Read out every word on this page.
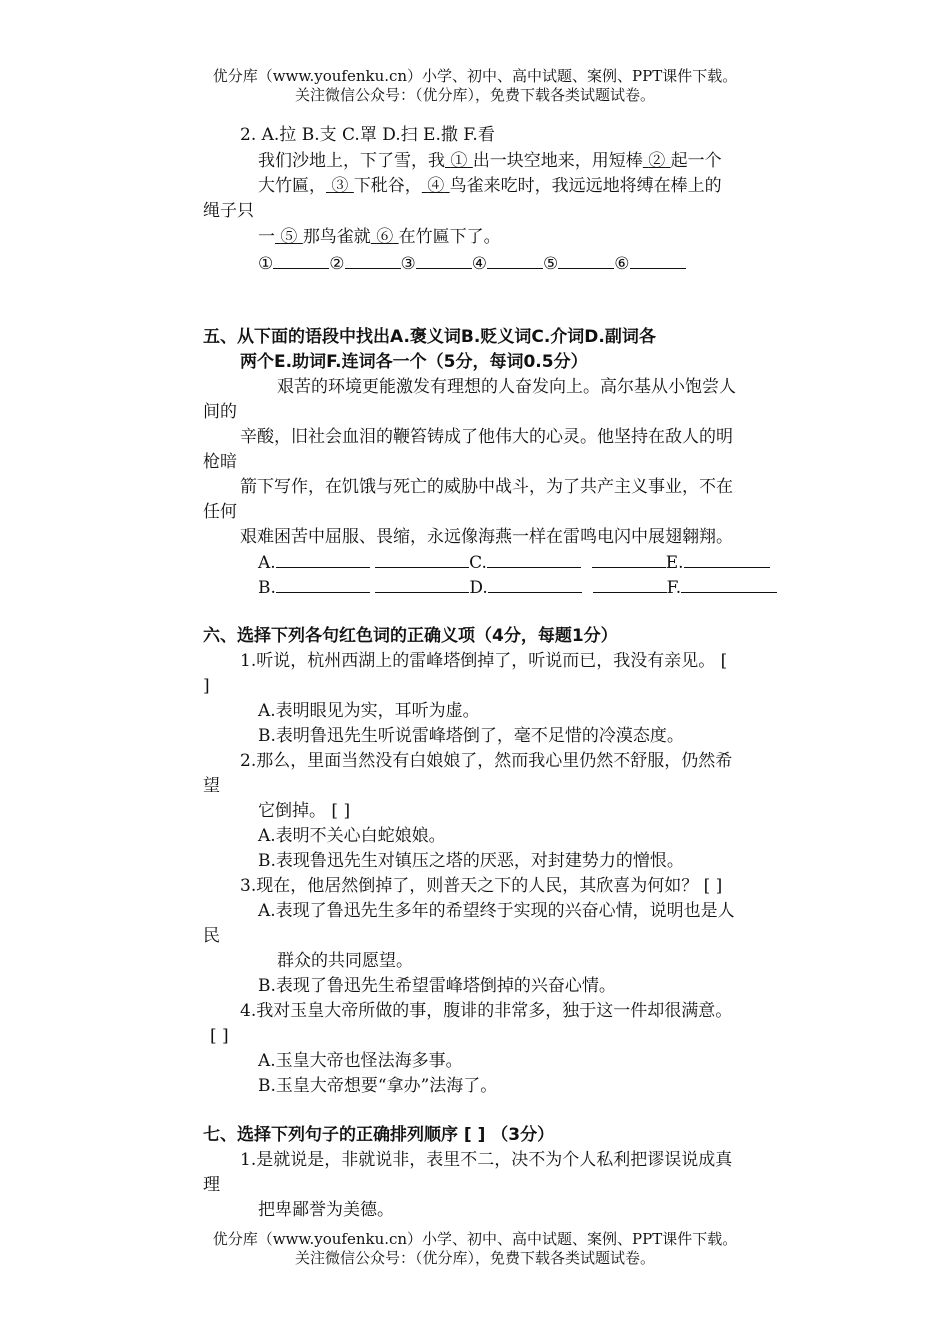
优分库（www.youfenku.cn）小学、初中、高中试题、案例、PPT课件下载。
关注微信公众号：（优分库），免费下载各类试题试卷。
2. A.拉 B.支 C.罩 D.扫 E.撒 F.看
我们沙地上，下了雪，我 ① 出一块空地来，用短棒 ② 起一个
大竹匾， ③ 下秕谷， ④ 鸟雀来吃时，我远远地将缚在棒上的
绳子只
一 ⑤ 那鸟雀就 ⑥ 在竹匾下了。
①	②	③	④	⑤	⑥
五、从下面的语段中找出A.褒义词B.贬义词C.介词D.副词各
两个E.助词F.连词各一个（5分，每词0.5分）
艰苦的环境更能激发有理想的人奋发向上。高尔基从小饱尝人
间的
辛酸，旧社会血泪的鞭笞铸成了他伟大的心灵。他坚持在敌人的明
枪暗
箭下写作，在饥饿与死亡的威胁中战斗，为了共产主义事业，不在
任何
艰难困苦中屈服、畏缩，永远像海燕一样在雷鸣电闪中展翅翱翔。
A.	C.	E.
B.	D.	F.
六、选择下列各句红色词的正确义项（4分，每题1分）
1.听说，杭州西湖上的雷峰塔倒掉了，听说而已，我没有亲见。 [
]
A.表明眼见为实，耳听为虚。
B.表明鲁迅先生听说雷峰塔倒了，毫不足惜的冷漠态度。
2.那么，里面当然没有白娘娘了，然而我心里仍然不舒服，仍然希
望
它倒掉。 [ ]
A.表明不关心白蛇娘娘。
B.表现鲁迅先生对镇压之塔的厌恶，对封建势力的憎恨。
3.现在，他居然倒掉了，则普天之下的人民，其欣喜为何如？ [ ]
A.表现了鲁迅先生多年的希望终于实现的兴奋心情，说明也是人
民
群众的共同愿望。
B.表现了鲁迅先生希望雷峰塔倒掉的兴奋心情。
4.我对玉皇大帝所做的事，腹诽的非常多，独于这一件却很满意。
[ ]
A.玉皇大帝也怪法海多事。
B.玉皇大帝想要“拿办”法海了。
七、选择下列句子的正确排列顺序 [ ] （3分）
1.是就说是，非就说非，表里不二，决不为个人私利把谬误说成真
理
把卑鄙誉为美德。
优分库（www.youfenku.cn）小学、初中、高中试题、案例、PPT课件下载。
关注微信公众号：（优分库），免费下载各类试题试卷。
